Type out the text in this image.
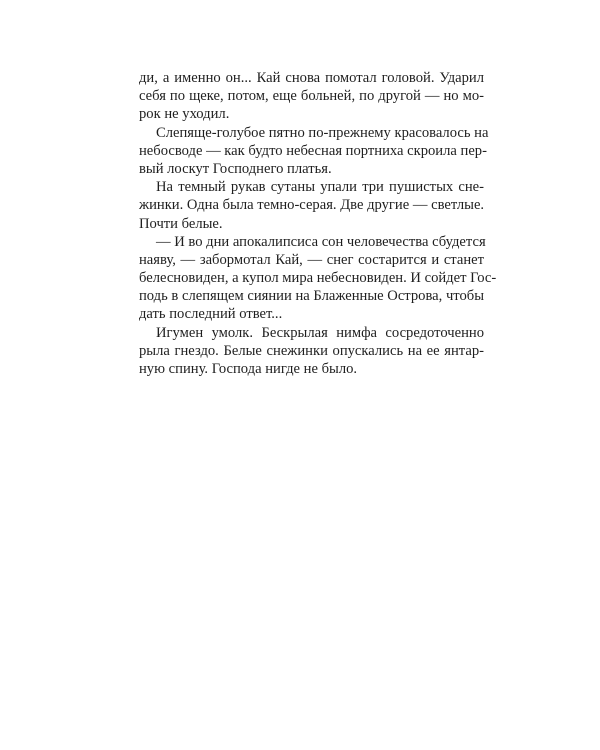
ди, а именно он... Кай снова помотал головой. Ударил
себя по щеке, потом, еще больней, по другой — но мо-
рок не уходил.
Слепяще-голубое пятно по-прежнему красовалось на
небосводе — как будто небесная портниха скроила пер-
вый лоскут Господнего платья.
На темный рукав сутаны упали три пушистых сне-
жинки. Одна была темно-серая. Две другие — светлые.
Почти белые.
— И во дни апокалипсиса сон человечества сбудется
наяву, — забормотал Кай, — снег состарится и станет
белесновиден, а купол мира небесновиден. И сойдет Гос-
подь в слепящем сиянии на Блаженные Острова, чтобы
дать последний ответ...
Игумен умолк. Бескрылая нимфа сосредоточенно
рыла гнездо. Белые снежинки опускались на ее янтар-
ную спину. Господа нигде не было.
